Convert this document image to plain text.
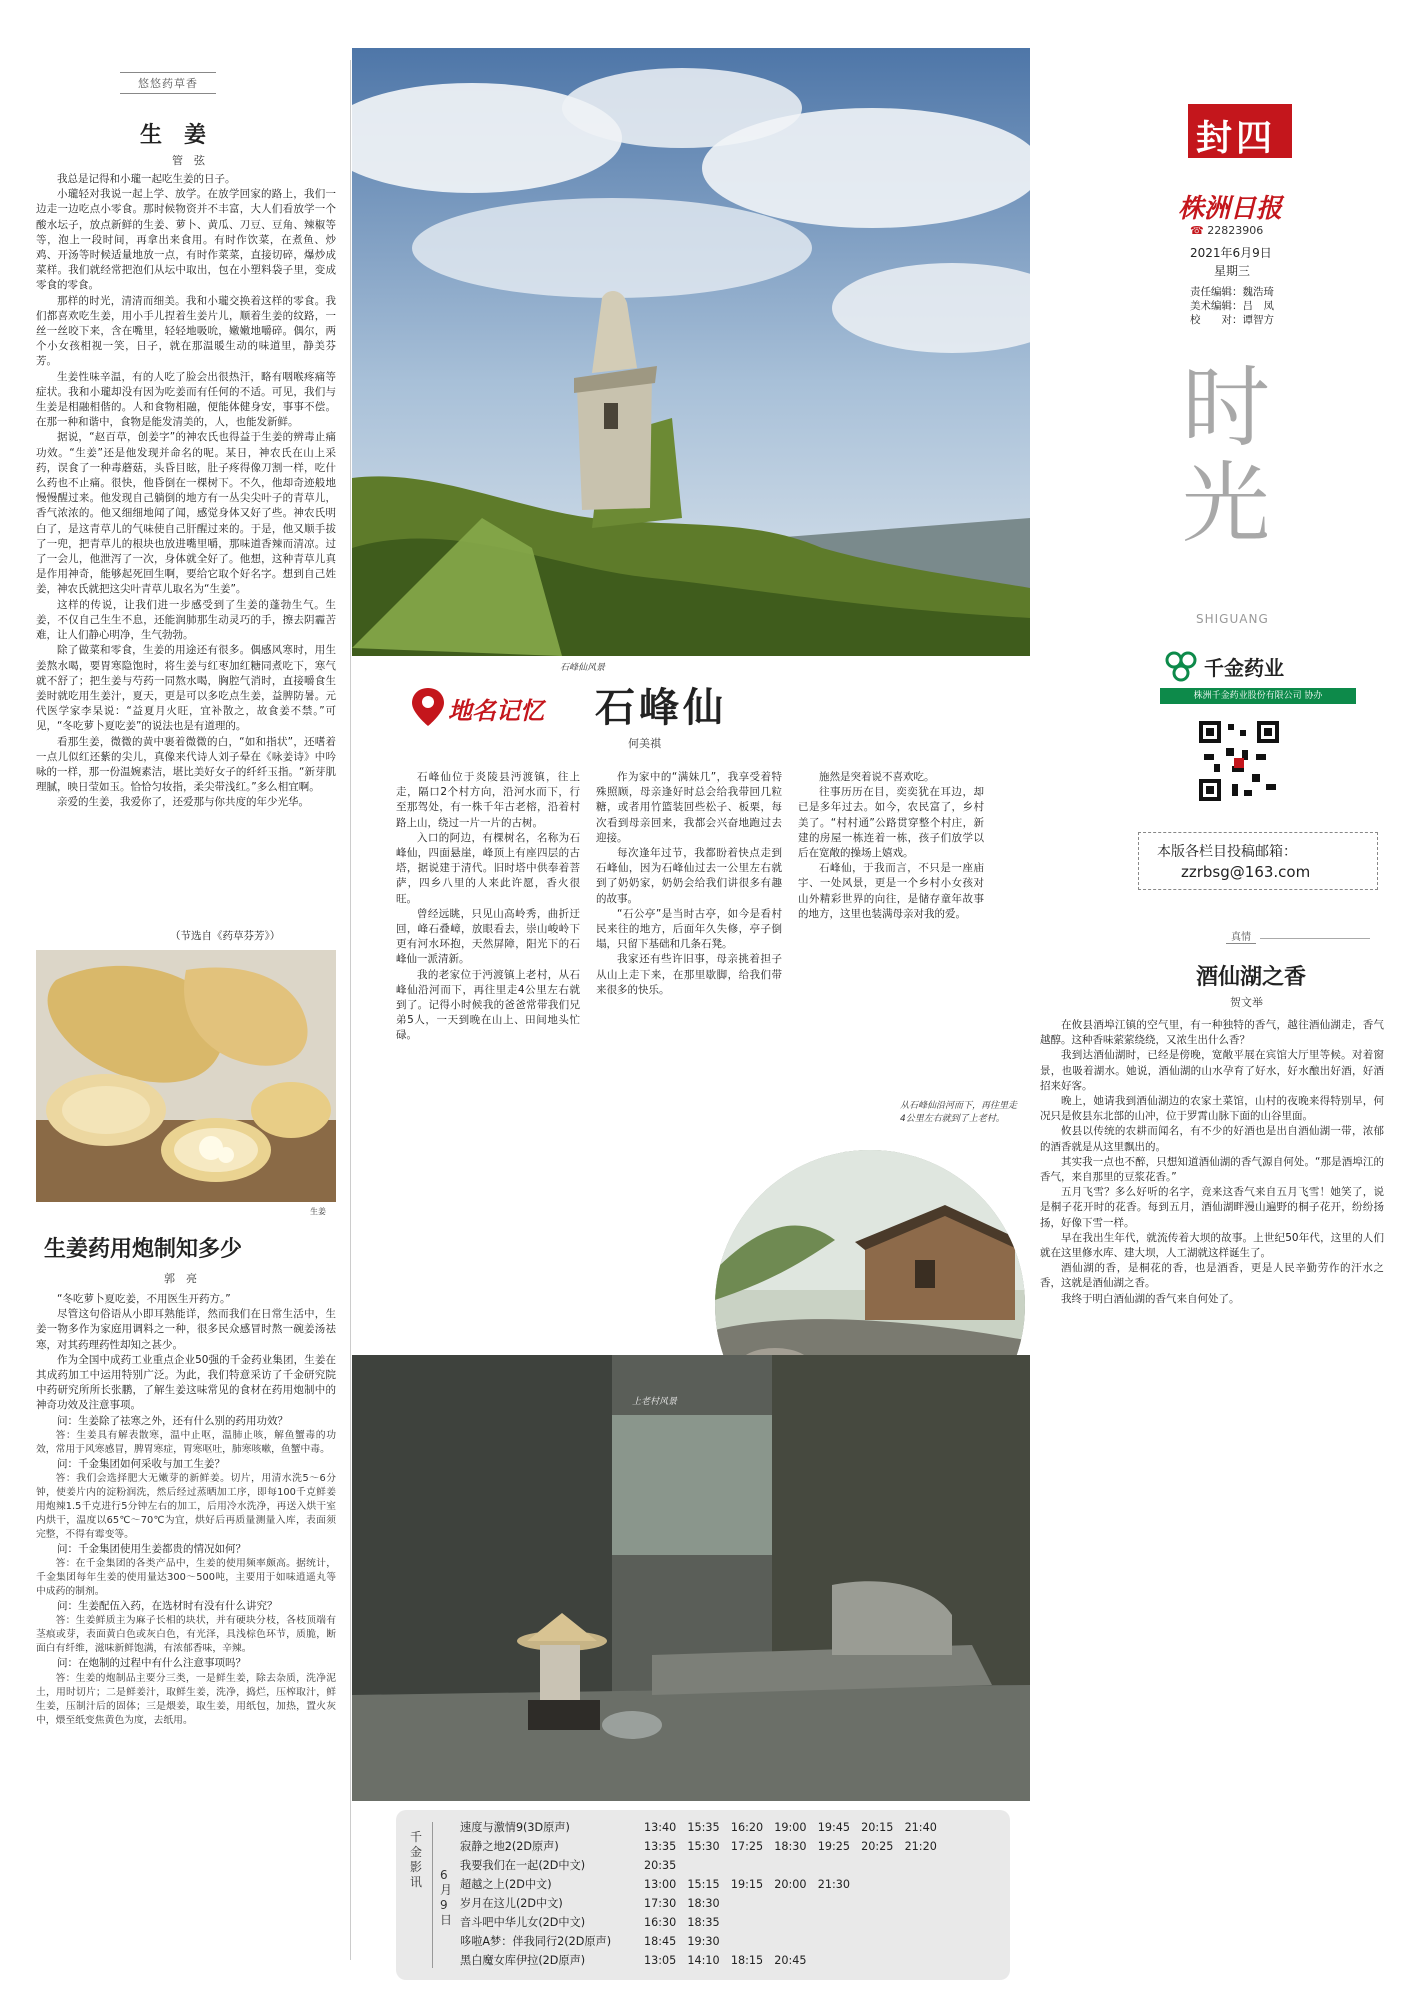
悠悠药草香
生　姜
管　弦

我总是记得和小瓏一起吃生姜的日子。

小瓏轻对我说一起上学、放学。在放学回家的路上，我们一边走一边吃点小零食。那时候物资并不丰富，大人们看放学一个酸水坛子，放点新鲜的生姜、萝卜、黄瓜、刀豆、豆角、辣椒等等，泡上一段时间，再拿出来食用。有时作饮菜，在煮鱼、炒鸡、开汤等时候适量地放一点，有时作菜菜，直接切碎，爆炒成菜样。我们就经常把泡们从坛中取出，包在小塑料袋子里，变成零食的零食。

那样的时光，清清而细美。我和小瓏交换着这样的零食。我们都喜欢吃生姜，用小手儿捏着生姜片儿，顺着生姜的纹路，一丝一丝咬下来，含在嘴里，轻轻地吸吮，嫩嫩地嚼碎。偶尔，两个小女孩相视一笑，日子，就在那温暖生动的味道里，静美芬芳。

生姜性味辛温，有的人吃了脸会出很热汗，略有咽喉疼痛等症状。我和小瓏却没有因为吃姜而有任何的不适。可见，我们与生姜是相融相偕的。人和食物相融，便能体健身安，事事不偿。在那一种和谐中，食物是能发清美的，人，也能发新鲜。

据说，“赵百草，创姜字”的神农氏也得益于生姜的辨毒止痛功效。“生姜”还是他发现并命名的呢。某日，神农氏在山上采药，误食了一种毒蘑菇，头昏目眩，肚子疼得像刀割一样，吃什么药也不止痛。很快，他昏倒在一棵树下。不久，他却奇迹般地慢慢醒过来。他发现自己躺倒的地方有一丛尖尖叶子的青草儿，香气浓浓的。他又细细地闻了闻，感觉身体又好了些。神农氏明白了，是这青草儿的气味使自己肝醒过来的。于是，他又顺手拔了一兜，把青草儿的根块也放进嘴里嚼，那味道香辣而清凉。过了一会儿，他泄泻了一次，身体就全好了。他想，这种青草儿真是作用神奇，能够起死回生啊，要给它取个好名字。想到自己姓姜，神农氏就把这尖叶青草儿取名为“生姜”。

这样的传说，让我们进一步感受到了生姜的蓬勃生气。生姜，不仅自己生生不息，还能润肺那生动灵巧的手，擦去阴霾苦难，让人们静心明净，生气勃勃。

除了做菜和零食，生姜的用途还有很多。偶感风寒时，用生姜熬水喝，要胃寒隐饱时，将生姜与红枣加红糖同煮吃下，寒气就不舒了；把生姜与芍药一同熬水喝，胸腔气消时，直接嚼食生姜时就吃用生姜汁，夏天，更是可以多吃点生姜，益脾防暑。元代医学家李杲说：“益夏月火旺，宜补散之，故食姜不禁。”可见，“冬吃萝卜夏吃姜”的说法也是有道理的。

看那生姜，微微的黄中裹着微微的白，“如和指状”，还嗜着一点儿似红还紫的尖儿，真像来代诗人刘子晕在《咏姜诗》中吟咏的一样，那一份温婉素洁，堪比美好女子的纤纤玉指。“新芽肌理腻，映日莹如玉。恰恰匀妆指，柔尖带浅红。”多么相宜啊。

亲爱的生姜，我爱你了，还爱那与你共度的年少光华。

（节选自《药草芬芳》）
生姜
生姜药用炮制知多少
郭　亮

“冬吃萝卜夏吃姜，不用医生开药方。”

尽管这句俗语从小即耳熟能详，然而我们在日常生活中，生姜一物多作为家庭用调料之一种，很多民众感冒时熬一碗姜汤祛寒，对其药理药性却知之甚少。

作为全国中成药工业重点企业50强的千金药业集团，生姜在其成药加工中运用特别广泛。为此，我们特意采访了千金研究院中药研究所所长张鹏，了解生姜这味常见的食材在药用炮制中的神奇功效及注意事项。

问：生姜除了祛寒之外，还有什么别的药用功效？

答：生姜具有解表散寒，温中止呕，温肺止咳，解鱼蟹毒的功效，常用于风寒感冒，脾胃寒症，胃寒呕吐，肺寒咳嗽，鱼蟹中毒。

问：千金集团如何采收与加工生姜？

答：我们会选择肥大无嫩芽的新鲜姜。切片，用清水洗5～6分钟，使姜片内的淀粉润洗，然后经过蒸晒加工序，即每100千克鲜姜用炮辣1.5千克进行5分钟左右的加工，后用冷水洗净，再送入烘干室内烘干，温度以65℃～70℃为宜，烘好后再质量测量入库，表面须完整，不得有霉变等。

问：千金集团使用生姜都贵的情况如何？

答：在千金集团的各类产品中，生姜的使用频率颇高。据统计，千金集团每年生姜的使用量达300～500吨，主要用于如味逍遥丸等中成药的制剂。

问：生姜配伍入药，在选材时有没有什么讲究？

答：生姜鲜质主为麻子长相的块状，并有硬块分枝，各枝顶端有茎痕或芽，表面黄白色或灰白色，有光泽，具浅棕色环节，质脆，断面白有纤维，滋味新鲜饱满，有浓郁香味，辛辣。

问：在炮制的过程中有什么注意事项吗？

答：生姜的炮制品主要分三类，一是鲜生姜，除去杂质，洗净泥土，用时切片；二是鲜姜汁，取鲜生姜，洗净，捣烂，压榨取汁，鲜生姜，压制汁后的固体；三是煨姜，取生姜，用纸包，加热，置火灰中，煨至纸变焦黄色为度，去纸用。

石峰仙风景
地名记忆 石峰仙
何美祺

石峰仙位于炎陵县沔渡镇，往上走，隔口2个村方向，沿河水而下，行至那驾处，有一株千年古老榕，沿着村路上山，绕过一片一片的古树。

入口的阿边，有棵树名，名称为石峰仙，四面悬崖，峰顶上有座四层的古塔，据说建于清代。旧时塔中供奉着菩萨，四乡八里的人来此许愿，香火很旺。

曾经远眺，只见山高岭秀，曲折迂回，峰石叠嶂，放眼看去，崇山峻岭下更有河水环抱，天然屏障，阳光下的石峰仙一派清新。

我的老家位于沔渡镇上老村，从石峰仙沿河而下，再往里走4公里左右就到了。记得小时候我的爸爸常带我们兄弟5人，一天到晚在山上、田间地头忙碌。

作为家中的“满妹几”，我享受着特殊照顾，母亲逢好时总会给我带回几粒糖，或者用竹篮装回些松子、板栗，每次看到母亲回来，我都会兴奋地跑过去迎接。

每次逢年过节，我都盼着快点走到石峰仙，因为石峰仙过去一公里左右就到了奶奶家，奶奶会给我们讲很多有趣的故事。

“石公亭”是当时古亭，如今是看村民来往的地方，后面年久失修，亭子倒塌，只留下基础和几条石凳。

我家还有些许旧事，母亲挑着担子从山上走下来，在那里歇脚，给我们带来很多的快乐。

施然是突着说不喜欢吃。

往事历历在目，奕奕犹在耳边，却已是多年过去。如今，农民富了，乡村美了。“村村通”公路贯穿整个村庄，新建的房屋一栋连着一栋，孩子们放学以后在宽敞的操场上嬉戏。

石峰仙，于我而言，不只是一座庙宇、一处风景，更是一个乡村小女孩对山外精彩世界的向往，是储存童年故事的地方，这里也装满母亲对我的爱。

从石峰仙沿河而下，再往里走4公里左右就到了上老村。
上老村风景
封四
株洲日报
☎ 22823906
2021年6月9日
星期三
责任编辑：魏浩琦
美术编辑：吕　凤
校　　对：谭智方
时光
SHIGUANG
千金药业
株洲千金药业股份有限公司 协办
本版各栏目投稿邮箱：
zzrbsg@163.com
真情
酒仙湖之香
贺文举

在攸县酒埠江镇的空气里，有一种独特的香气，越往酒仙湖走，香气越醇。这种香味萦萦绕绕，又浓生出什么香？

我到达酒仙湖时，已经是傍晚，宽敞平展在宾馆大厅里等候。对着窗景，也吸着湖水。她说，酒仙湖的山水孕育了好水，好水酿出好酒，好酒招来好客。

晚上，她请我到酒仙湖边的农家土菜馆，山村的夜晚来得特别早，何况只是攸县东北部的山冲，位于罗霄山脉下面的山谷里面。

攸县以传统的农耕而闻名，有不少的好酒也是出自酒仙湖一带，浓郁的酒香就是从这里飘出的。

其实我一点也不醉，只想知道酒仙湖的香气源自何处。“那是酒埠江的香气，来自那里的豆浆花香。”

五月飞雪？多么好听的名字，竟来这香气来自五月飞雪！她笑了，说是桐子花开时的花香。每到五月，酒仙湖畔漫山遍野的桐子花开，纷纷扬扬，好像下雪一样。

早在我出生年代，就流传着大坝的故事。上世纪50年代，这里的人们就在这里修水库、建大坝，人工湖就这样诞生了。

酒仙湖的香，是桐花的香，也是酒香，更是人民辛勤劳作的汗水之香，这就是酒仙湖之香。

我终于明白酒仙湖的香气来自何处了。

千金影讯 6月9日
速度与激情9(3D原声)	13:40　15:35　16:20　19:00　19:45　20:15　21:40
寂静之地2(2D原声)	13:35　15:30　17:25　18:30　19:25　20:25　21:20
我要我们在一起(2D中文)	20:35
超越之上(2D中文)	13:00　15:15　19:15　20:00　21:30
岁月在这儿(2D中文)	17:30　18:30
音斗吧中华儿女(2D中文)	16:30　18:35
哆啦A梦：伴我同行2(2D原声)	18:45　19:30
黑白魔女库伊拉(2D原声)	13:05　14:10　18:15　20:45
